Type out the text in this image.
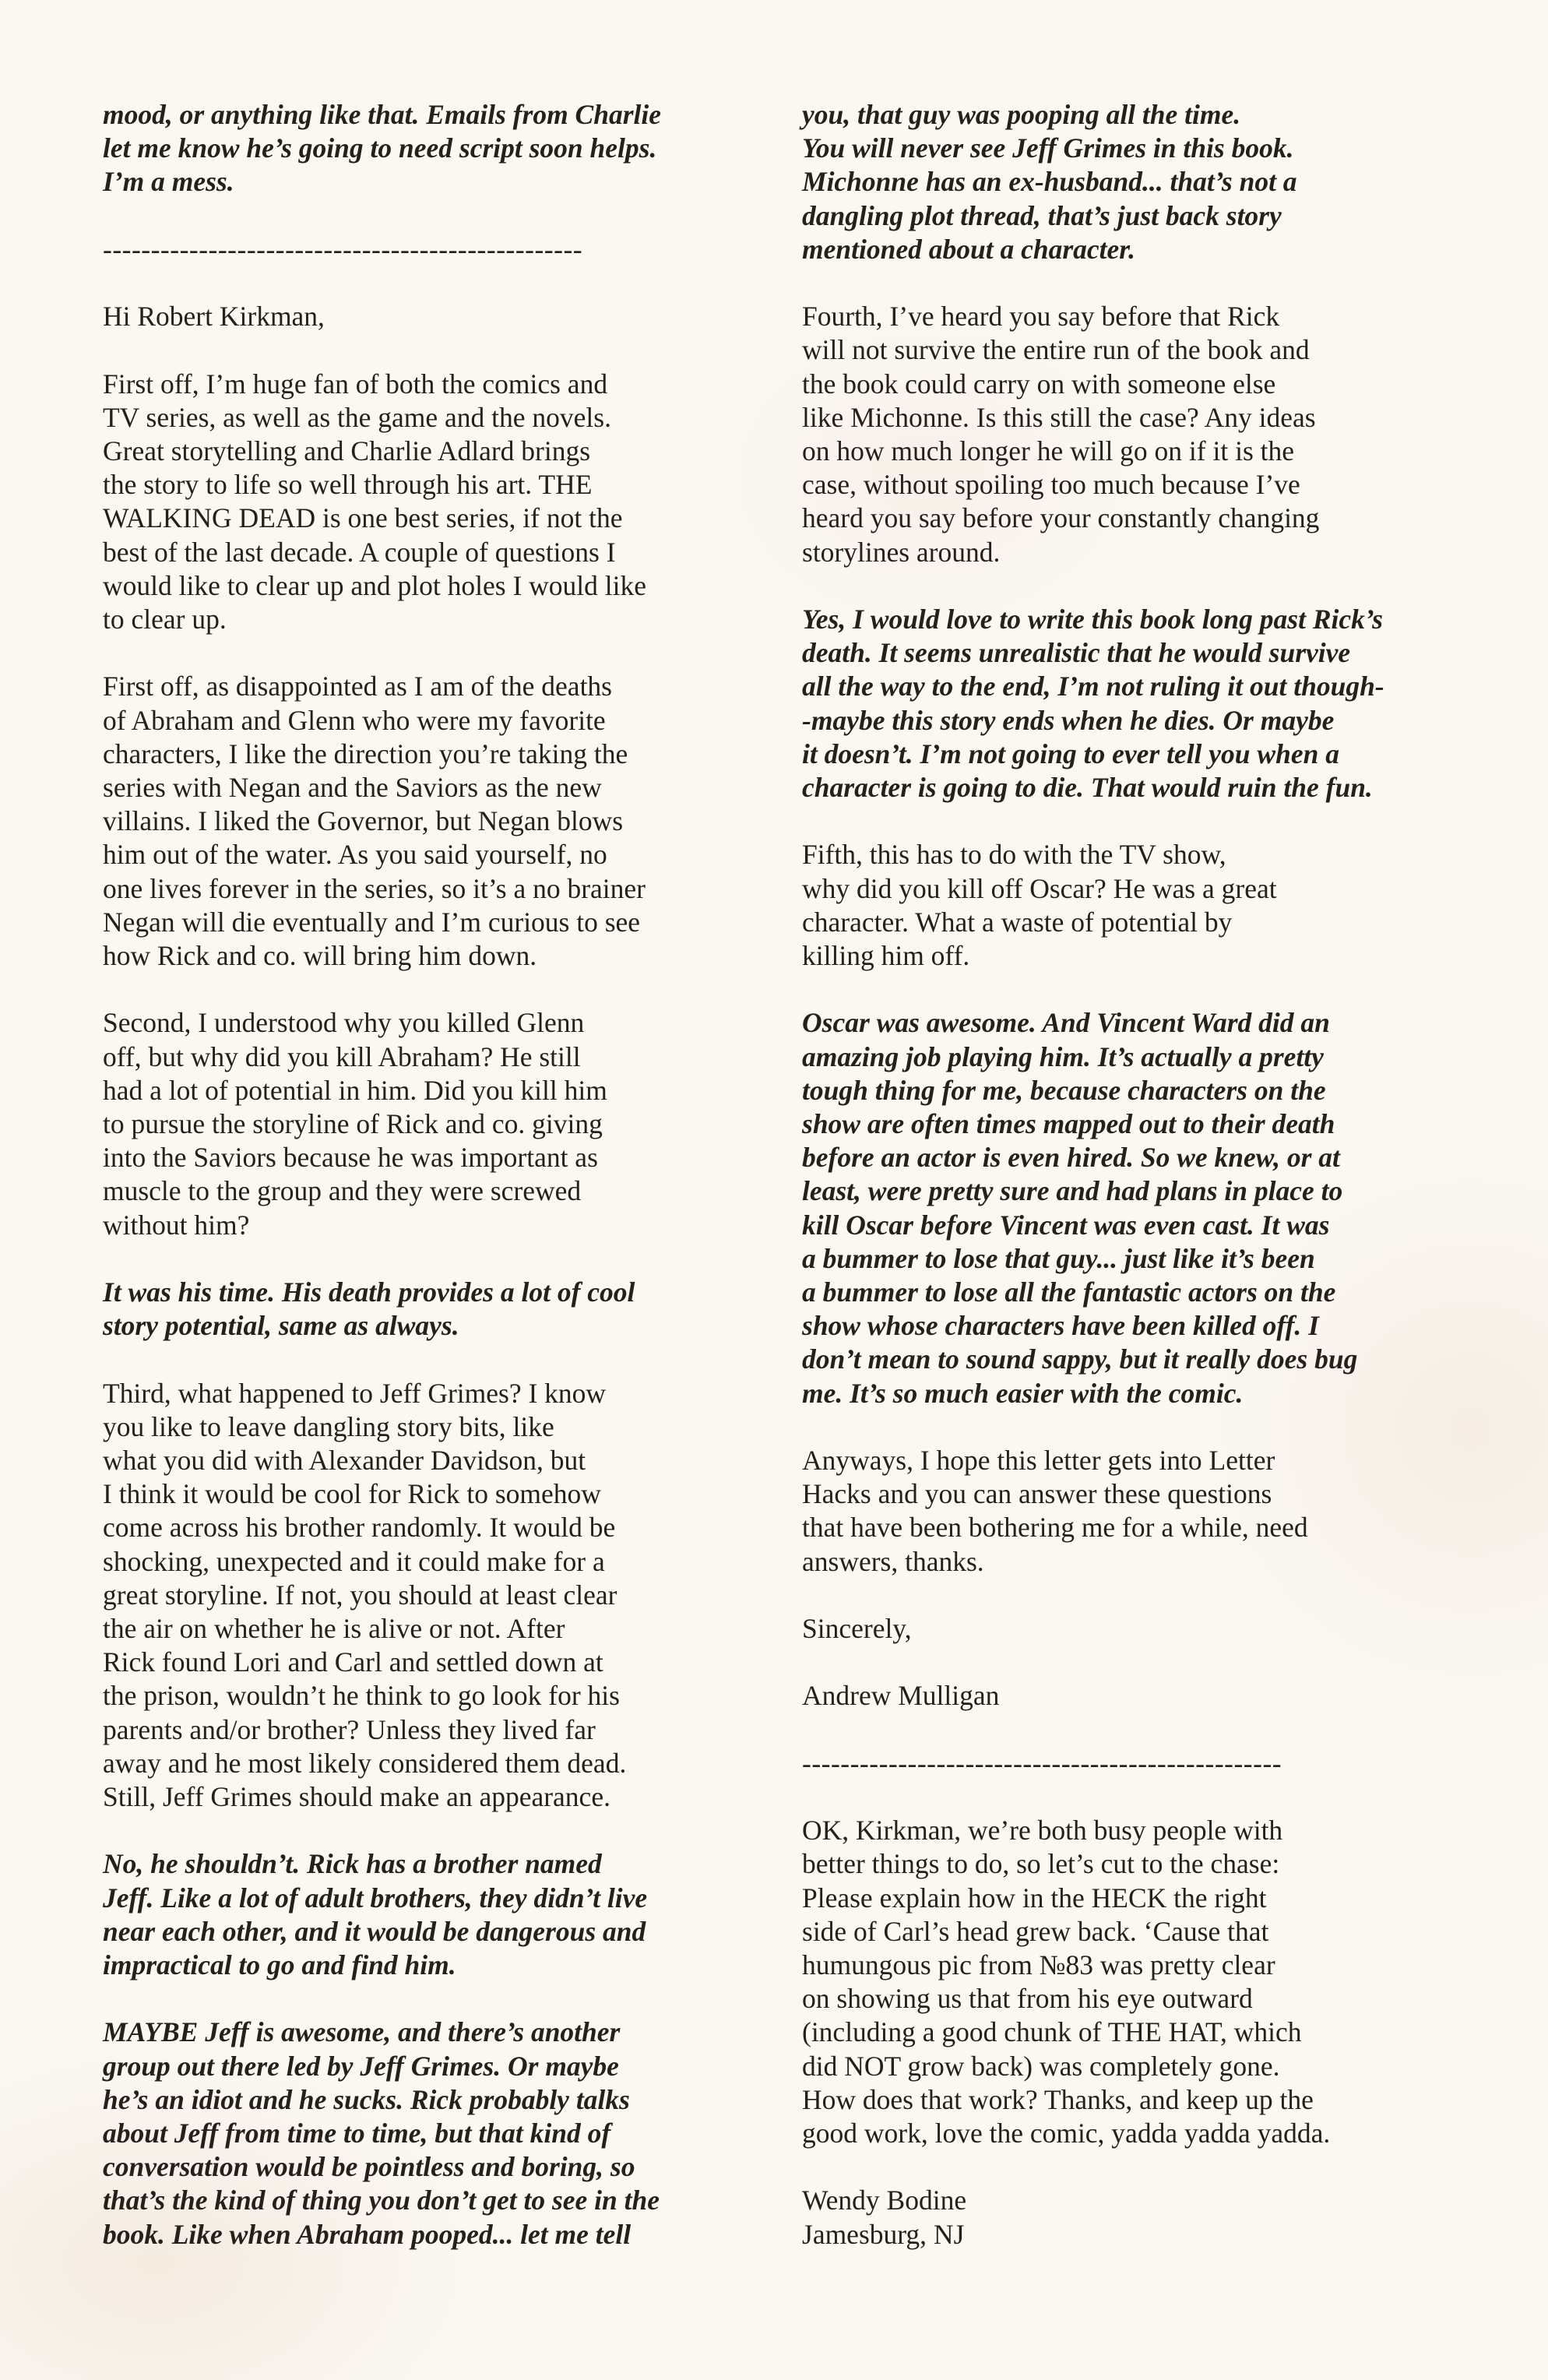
mood, or anything like that. Emails from Charlie
let me know he’s going to need script soon helps.
I’m a mess.

--------------------------------------------------

Hi Robert Kirkman,

First off, I’m huge fan of both the comics and
TV series, as well as the game and the novels.
Great storytelling and Charlie Adlard brings
the story to life so well through his art. THE
WALKING DEAD is one best series, if not the
best of the last decade. A couple of questions I
would like to clear up and plot holes I would like
to clear up.

First off, as disappointed as I am of the deaths
of Abraham and Glenn who were my favorite
characters, I like the direction you’re taking the
series with Negan and the Saviors as the new
villains. I liked the Governor, but Negan blows
him out of the water. As you said yourself, no
one lives forever in the series, so it’s a no brainer
Negan will die eventually and I’m curious to see
how Rick and co. will bring him down.

Second, I understood why you killed Glenn
off, but why did you kill Abraham? He still
had a lot of potential in him. Did you kill him
to pursue the storyline of Rick and co. giving
into the Saviors because he was important as
muscle to the group and they were screwed
without him?

It was his time. His death provides a lot of cool
story potential, same as always.

Third, what happened to Jeff Grimes? I know
you like to leave dangling story bits, like
what you did with Alexander Davidson, but
I think it would be cool for Rick to somehow
come across his brother randomly. It would be
shocking, unexpected and it could make for a
great storyline. If not, you should at least clear
the air on whether he is alive or not. After
Rick found Lori and Carl and settled down at
the prison, wouldn’t he think to go look for his
parents and/or brother? Unless they lived far
away and he most likely considered them dead.
Still, Jeff Grimes should make an appearance.

No, he shouldn’t. Rick has a brother named
Jeff. Like a lot of adult brothers, they didn’t live
near each other, and it would be dangerous and
impractical to go and find him.

MAYBE Jeff is awesome, and there’s another
group out there led by Jeff Grimes. Or maybe
he’s an idiot and he sucks. Rick probably talks
about Jeff from time to time, but that kind of
conversation would be pointless and boring, so
that’s the kind of thing you don’t get to see in the
book. Like when Abraham pooped... let me tell

you, that guy was pooping all the time.
You will never see Jeff Grimes in this book.
Michonne has an ex-husband... that’s not a
dangling plot thread, that’s just back story
mentioned about a character.

Fourth, I’ve heard you say before that Rick
will not survive the entire run of the book and
the book could carry on with someone else
like Michonne. Is this still the case? Any ideas
on how much longer he will go on if it is the
case, without spoiling too much because I’ve
heard you say before your constantly changing
storylines around.

Yes, I would love to write this book long past Rick’s
death. It seems unrealistic that he would survive
all the way to the end, I’m not ruling it out though-
-maybe this story ends when he dies. Or maybe
it doesn’t. I’m not going to ever tell you when a
character is going to die. That would ruin the fun.

Fifth, this has to do with the TV show,
why did you kill off Oscar? He was a great
character. What a waste of potential by
killing him off.

Oscar was awesome. And Vincent Ward did an
amazing job playing him. It’s actually a pretty
tough thing for me, because characters on the
show are often times mapped out to their death
before an actor is even hired. So we knew, or at
least, were pretty sure and had plans in place to
kill Oscar before Vincent was even cast. It was
a bummer to lose that guy... just like it’s been
a bummer to lose all the fantastic actors on the
show whose characters have been killed off. I
don’t mean to sound sappy, but it really does bug
me. It’s so much easier with the comic.

Anyways, I hope this letter gets into Letter
Hacks and you can answer these questions
that have been bothering me for a while, need
answers, thanks.

Sincerely,

Andrew Mulligan

--------------------------------------------------

OK, Kirkman, we’re both busy people with
better things to do, so let’s cut to the chase:
Please explain how in the HECK the right
side of Carl’s head grew back. ‘Cause that
humungous pic from №83 was pretty clear
on showing us that from his eye outward
(including a good chunk of THE HAT, which
did NOT grow back) was completely gone.
How does that work? Thanks, and keep up the
good work, love the comic, yadda yadda yadda.

Wendy Bodine
Jamesburg, NJ
